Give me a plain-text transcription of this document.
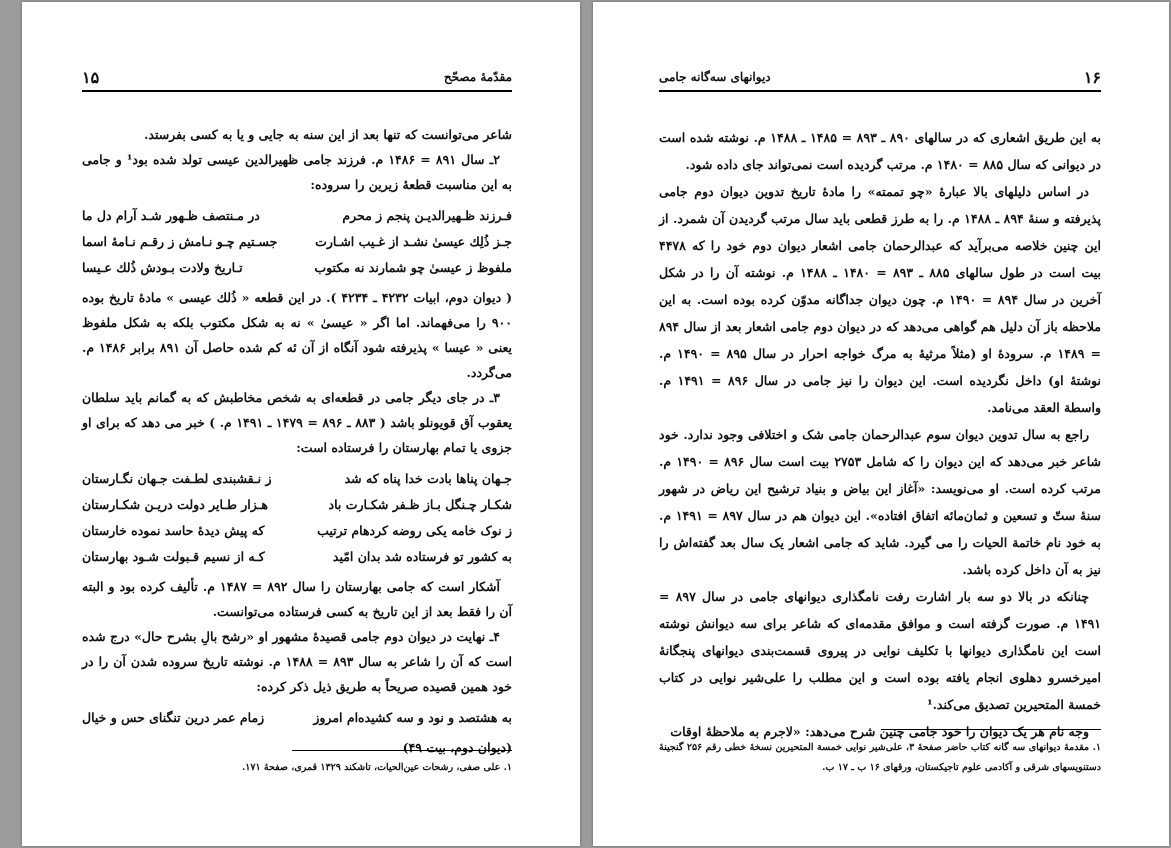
۱۵	مقدّمهٔ مصحّح

شاعر می‌توانست که تنها بعد از این سنه به جایی و یا به کسی بفرستد.

۲ـ سال ۸۹۱ = ۱۴۸۶ م. فرزند جامی ظهیرالدین عیسی تولد شده بود¹ و جامی به این مناسبت قطعهٔ زیرین را سروده:

فـرزند ظـهیرالدیـن پنجم ز محرم
جـز ذُلِك عیسیٰ نشـد از غـیب اشـارت
ملفوظ ز عیسیٰ چو شمارند نه مکتوب
در مـنتصف ظـهور شـد آرام دل ما
جسـتیم چـو نـامش ز رقـم نـامهٔ اسما
تـاریخ ولادت بـودش ذُلك عـیسا

( دیوان دوم، ابیات ۴۲۳۲ ـ ۴۲۳۴ ). در این قطعه « ذُلك عیسی » مادهٔ تاریخ بوده ۹۰۰ را می‌فهماند. اما اگر « عیسیٰ » نه به شکل مکتوب بلکه به شکل ملفوظ یعنی « عیسا » پذیرفته شود آنگاه از آن ئه کم شده حاصل آن ۸۹۱ برابر ۱۴۸۶ م. می‌گردد.

۳ـ در جای دیگر جامی در قطعه‌ای به شخص مخاطبش که به گمانم باید سلطان یعقوب آق قویونلو باشد ( ۸۸۳ ـ ۸۹۶ = ۱۴۷۹ ـ ۱۴۹۱ م. ) خبر می دهد که برای او جزوی یا تمام بهارستان را فرستاده است:

جـهان پناها بادت خدا پناه که شد
شکـار چـنگل بـاز ظـفر شکـارت باد
ز نوک خامه یکی روضه کردهام ترتیب
به کشور تو فرستاده شد بدان امّید
ز نـقشبندی لطـفت جـهان نگـارستان
هـزار طـایر دولت دریـن شکـارستان
که پیش دیدهٔ حاسد نموده خارستان
کـه از نسیم قـبولت شـود بهارستان

آشکار است که جامی بهارستان را سال ۸۹۲ = ۱۴۸۷ م. تألیف کرده بود و البته آن را فقط بعد از این تاریخ به کسی فرستاده می‌توانست.

۴ـ نهایت در دیوان دوم جامی قصیدهٔ مشهور او «رشح بالِ بشرح حال» درج شده است که آن را شاعر به سال ۸۹۳ = ۱۴۸۸ م. نوشته تاریخ سروده شدن آن را در خود همین قصیده صریحاً به طریق ذیل ذکر کرده:

به هشتصد و نود و سه کشیده‌ام امروز
زمام عمر درین تنگنای حس و خیال
(دیوان دوم، بیت ۴۹)
۱. علی صفی، رشحات عین‌الحیات، تاشکند ۱۳۲۹ قمری، صفحهٔ ۱۷۱.
۱۶
دیوانهای سه‌گانه جامی

به این طریق اشعاری که در سالهای ۸۹۰ ـ ۸۹۳ = ۱۴۸۵ ـ ۱۴۸۸ م. نوشته شده است در دیوانی که سال ۸۸۵ = ۱۴۸۰ م. مرتب گردیده است نمی‌تواند جای داده شود.

در اساس دلیلهای بالا عبارهٔ «چو تممته» را مادهٔ تاریخ تدوین دیوان دوم جامی پذیرفته و سنهٔ ۸۹۴ ـ ۱۴۸۸ م. را به طرز قطعی باید سال مرتب گردیدن آن شمرد. از این چنین خلاصه می‌برآید که عبدالرحمان جامی اشعار دیوان دوم خود را که ۴۴۷۸ بیت است در طول سالهای ۸۸۵ ـ ۸۹۳ = ۱۴۸۰ ـ ۱۴۸۸ م. نوشته آن را در شکل آخرین در سال ۸۹۴ = ۱۴۹۰ م. چون دیوان جداگانه مدوّن کرده بوده است. به این ملاحظه باز آن دلیل هم گواهی می‌دهد که در دیوان دوم جامی اشعار بعد از سال ۸۹۴ = ۱۴۸۹ م. سرودهٔ او (مثلاً مرثیهٔ به مرگ خواجه احرار در سال ۸۹۵ = ۱۴۹۰ م. نوشتهٔ او) داخل نگردیده است. این دیوان را نیز جامی در سال ۸۹۶ = ۱۴۹۱ م. واسطة العقد می‌نامد.

راجع به سال تدوین دیوان سوم عبدالرحمان جامی شک و اختلافی وجود ندارد. خود شاعر خبر می‌دهد که این دیوان را که شامل ۲۷۵۳ بیت است سال ۸۹۶ = ۱۴۹۰ م. مرتب کرده است. او می‌نویسد: «آغاز این بیاض و بنیاد ترشیح این ریاض در شهور سنهٔ ستّ و تسعین و ثمان‌مائه اتفاق افتاده». این دیوان هم در سال ۸۹۷ = ۱۴۹۱ م. به خود نام خاتمة الحیات را می گیرد. شاید که جامی اشعار یک سال بعد گفته‌اش را نیز به آن داخل کرده باشد.

چنانکه در بالا دو سه بار اشارت رفت نامگذاری دیوانهای جامی در سال ۸۹۷ = ۱۴۹۱ م. صورت گرفته است و موافق مقدمه‌ای که شاعر برای سه دیوانش نوشته است این نامگذاری دیوانها با تکلیف نوایی در پیروی قسمت‌بندی دیوانهای پنجگانهٔ امیرخسرو دهلوی انجام یافته بوده است و این مطلب را علی‌شیر نوایی در کتاب خمسة المتحیرین تصدیق می‌کند.¹

وجه نام هر یک دیوان را خود جامی چنین شرح می‌دهد: «لاجرم به ملاحظهٔ اوقات

۱. مقدمهٔ دیوانهای سه گانه کتاب حاضر صفحهٔ ۳، علی‌شیر نوایی خمسة المتحیرین نسخهٔ خطی رقم ۲۵۶ گنجینهٔ دستنویسهای شرقی و آکادمی علوم تاجیکستان، ورقهای ۱۶ ب ـ ۱۷ ب.
